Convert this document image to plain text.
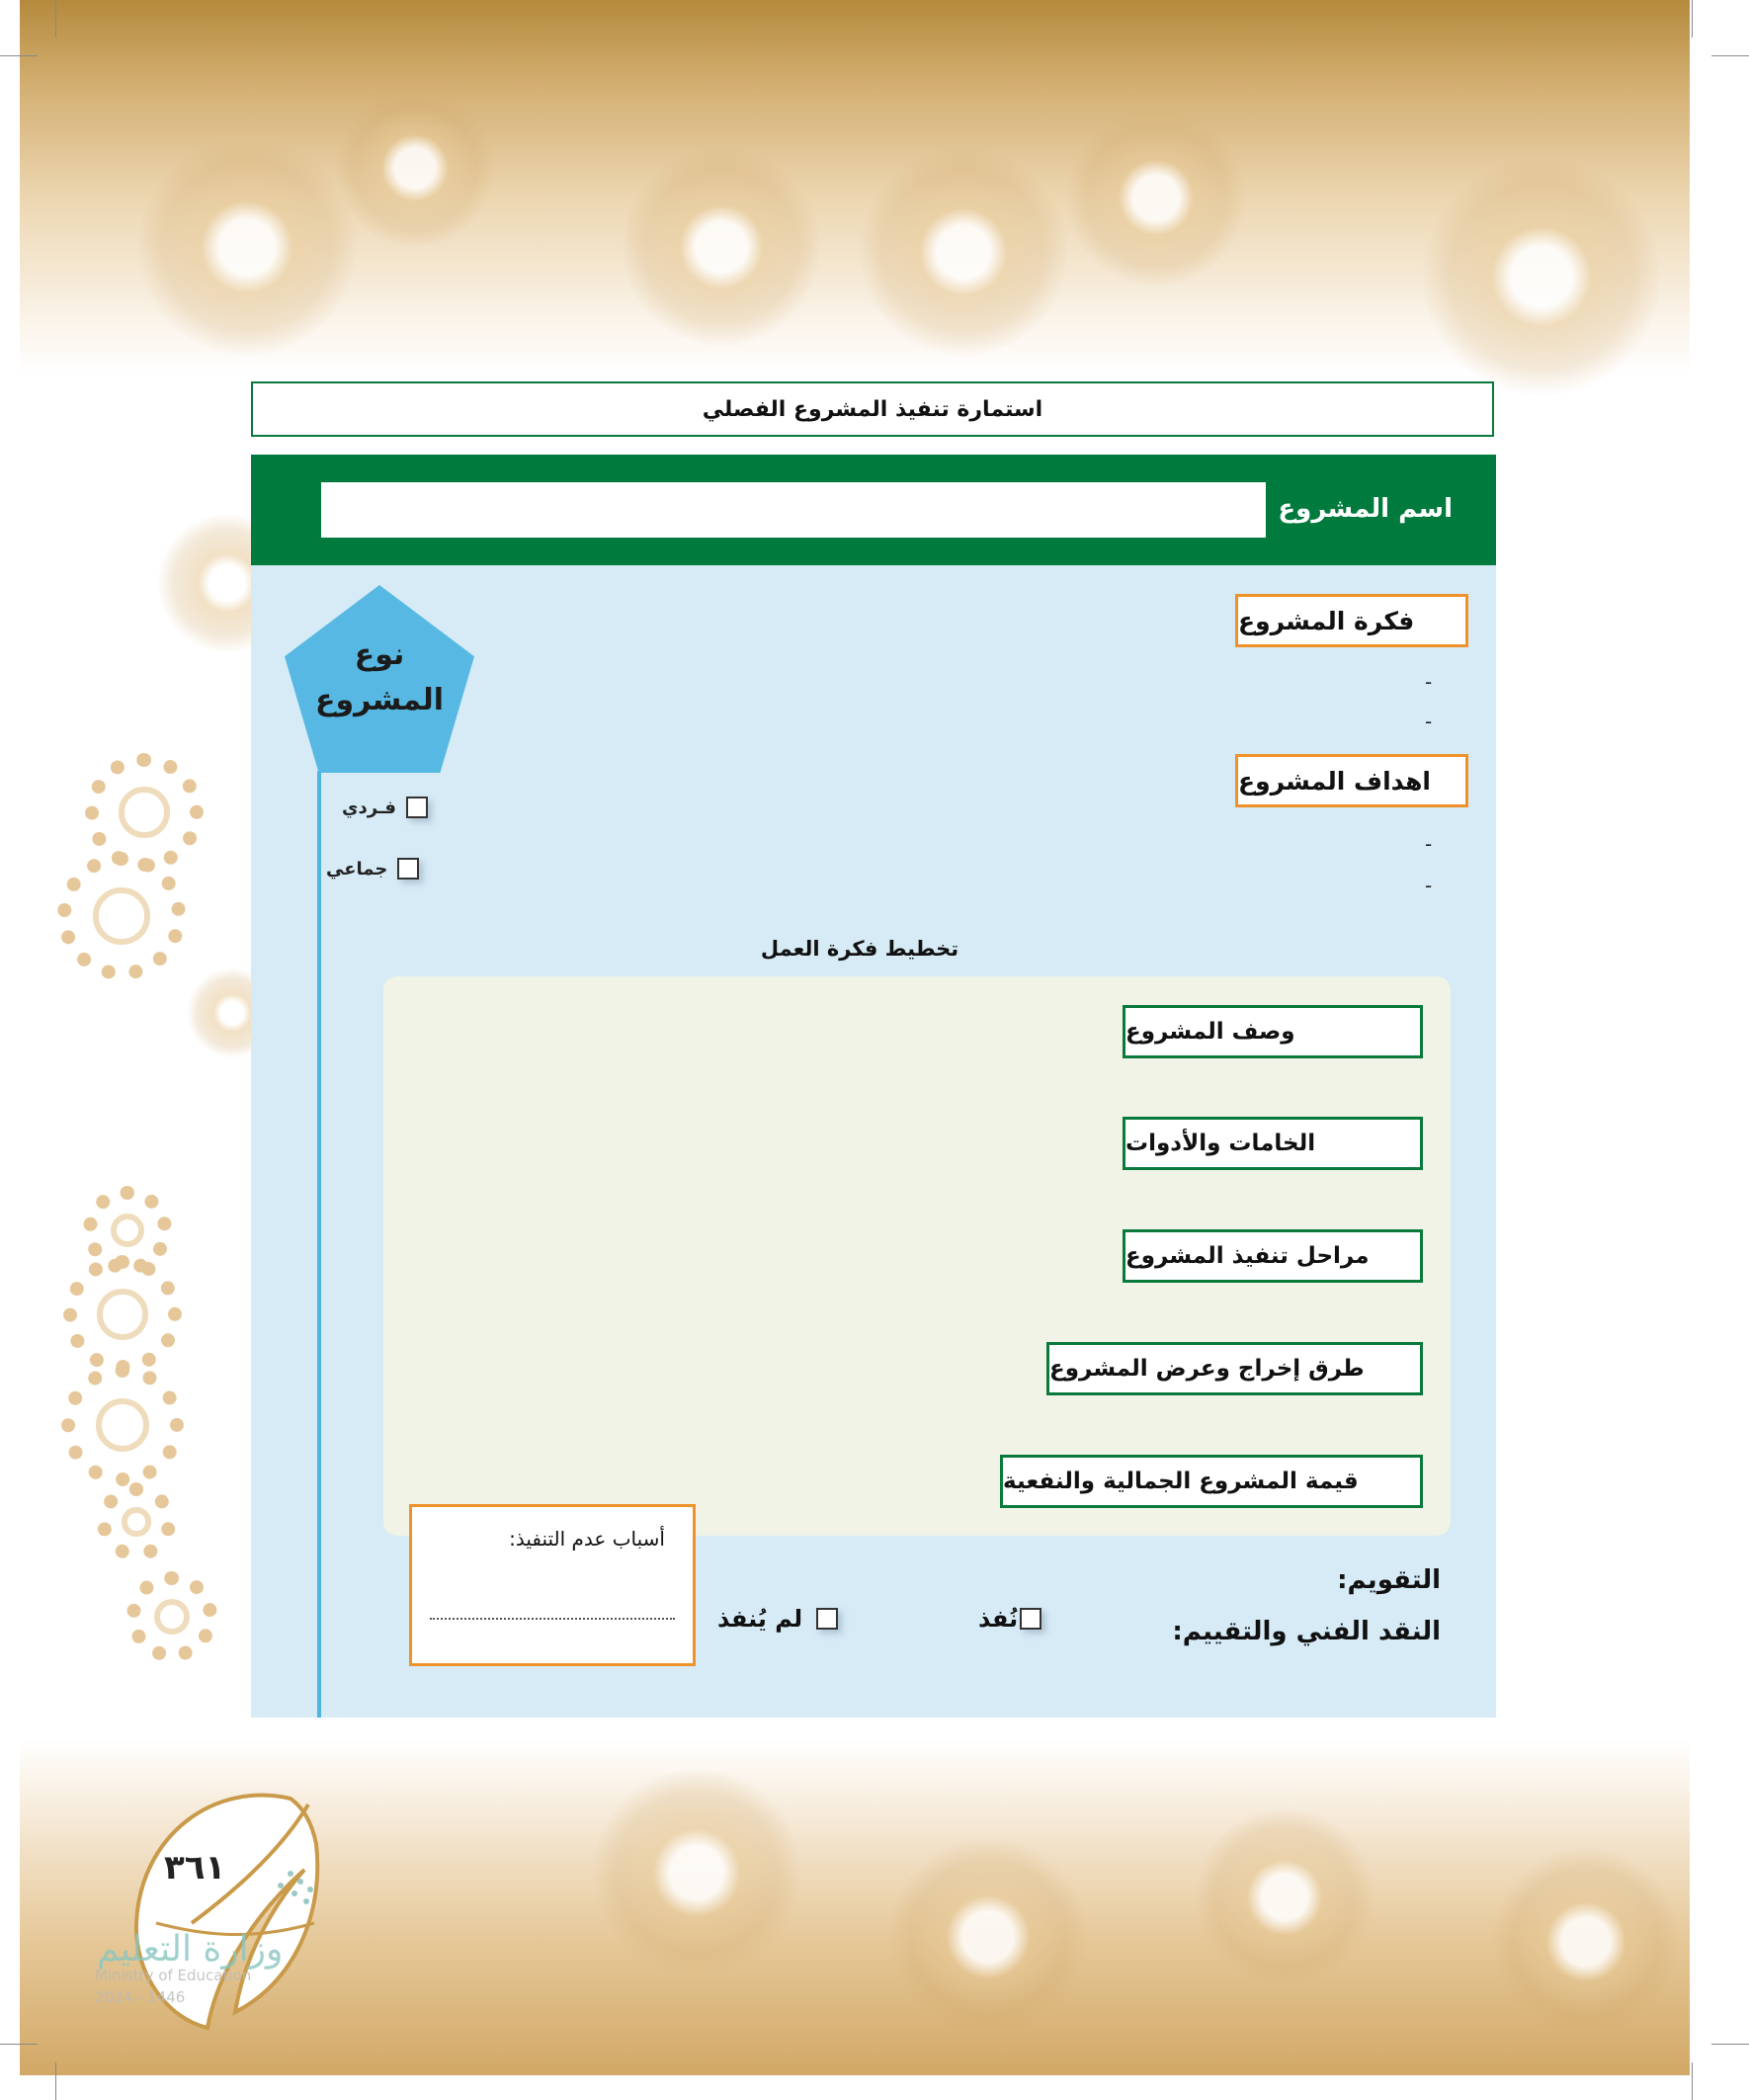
استمارة تنفيذ المشروع الفصلي
اسم المشروع
نوع
المشروع
فـردي
جماعي
فكرة المشروع
-
-
اهداف المشروع
-
-
تخطيط فكرة العمل
وصف المشروع
الخامات والأدوات
مراحل تنفيذ المشروع
طرق إخراج وعرض المشروع
قيمة المشروع الجمالية والنفعية
التقويم:
النقد الفني والتقييم:
نُفذ
لم يُنفذ
أسباب عدم التنفيذ:
٣٦١
وزارة التعليم
Ministry of Education
2024 - 1446
